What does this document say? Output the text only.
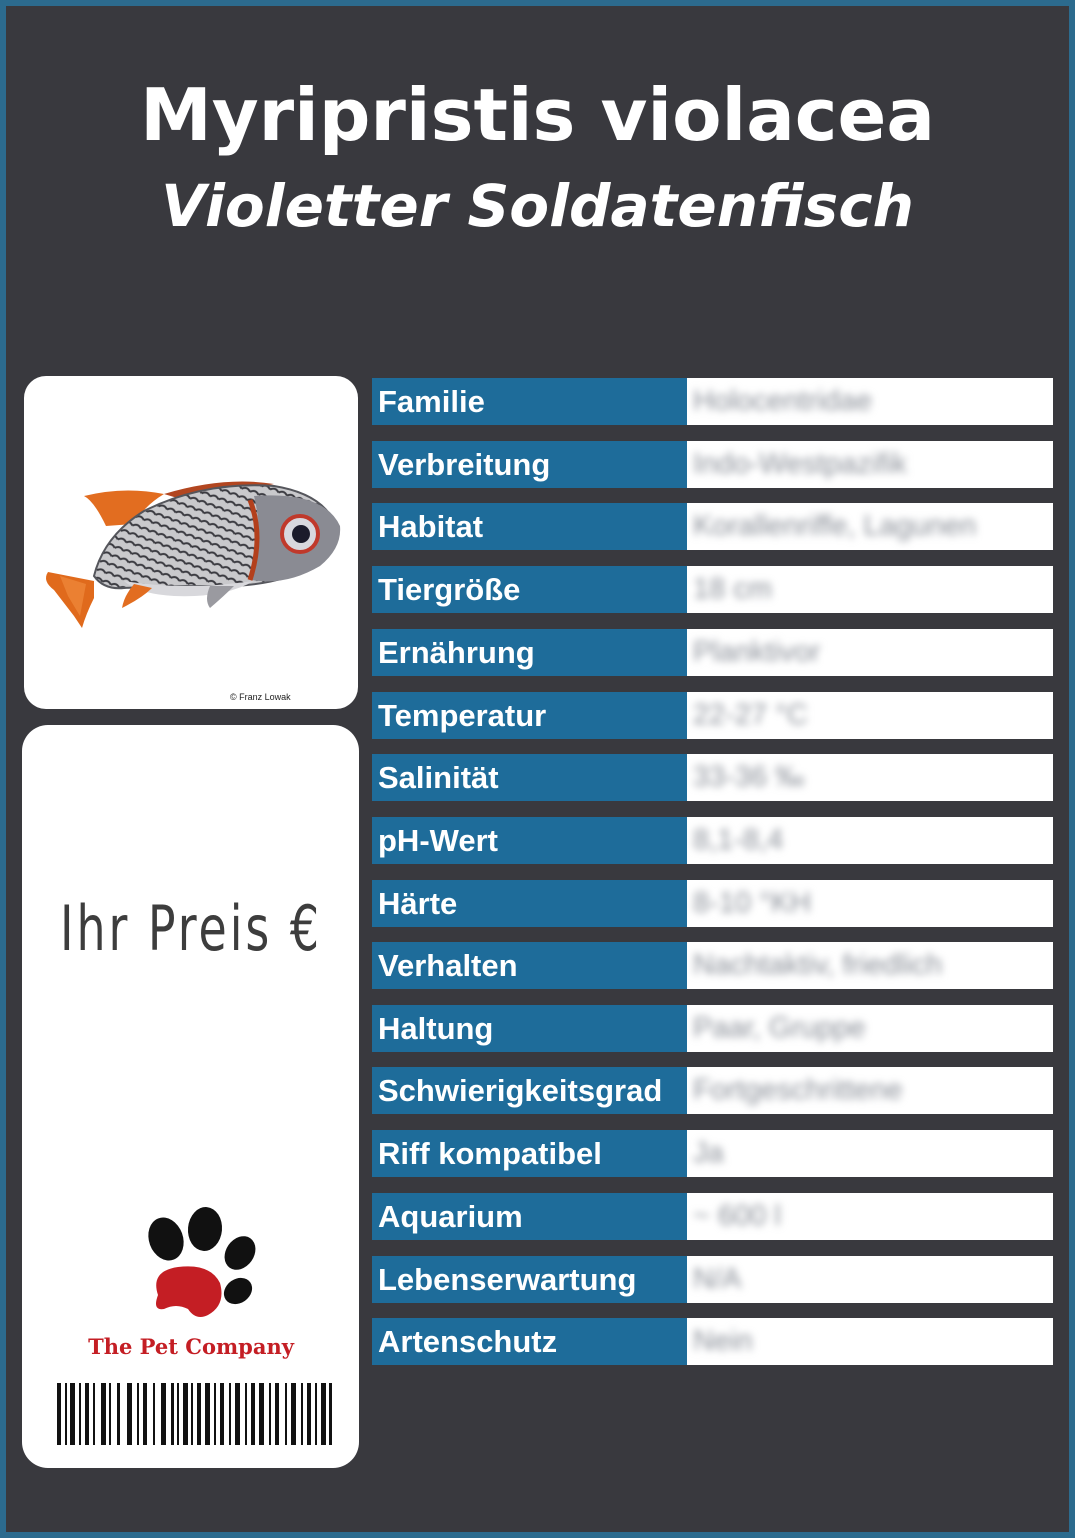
Myripristis violacea
Violetter Soldatenfisch
© Franz Lowak
Ihr Preis €
The Pet Company
Familie	Holocentridae
Verbreitung	Indo-Westpazifik
Habitat	Korallenriffe, Lagunen
Tiergröße	18 cm
Ernährung	Planktivor
Temperatur	22-27 °C
Salinität	33-36 ‰
pH-Wert	8,1-8,4
Härte	8-10 °KH
Verhalten	Nachtaktiv, friedlich
Haltung	Paar, Gruppe
Schwierigkeitsgrad	Fortgeschrittene
Riff kompatibel	Ja
Aquarium	~ 600 l
Lebenserwartung	N/A
Artenschutz	Nein
